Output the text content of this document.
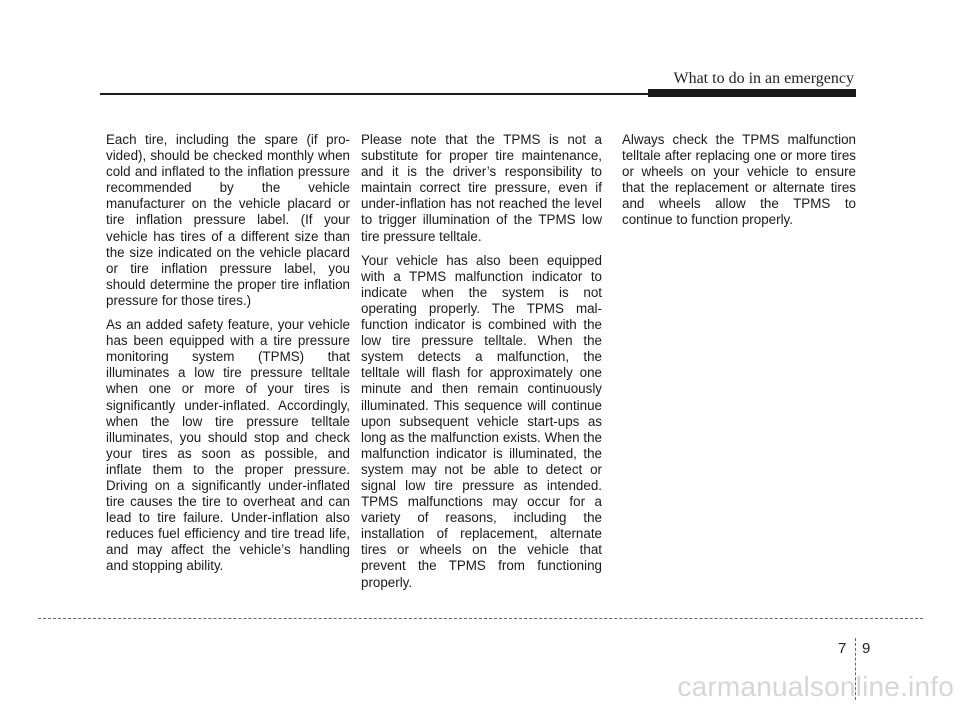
What to do in an emergency

Each tire, including the spare (if provided), should be checked monthly when cold and inflated to the inflation pressure recommended by the vehicle manufacturer on the vehicle placard or tire inflation pressure label. (If your vehicle has tires of a different size than the size indicated on the vehicle placard or tire inflation pressure label, you should determine the proper tire inflation pressure for those tires.)

As an added safety feature, your vehicle has been equipped with a tire pressure monitoring system (TPMS) that illuminates a low tire pressure telltale when one or more of your tires is significantly under-inflated. Accordingly, when the low tire pressure telltale illuminates, you should stop and check your tires as soon as possible, and inflate them to the proper pressure. Driving on a significantly under-inflated tire causes the tire to overheat and can lead to tire failure. Under-inflation also reduces fuel efficiency and tire tread life, and may affect the vehicle’s handling and stopping ability.

Please note that the TPMS is not a substitute for proper tire maintenance, and it is the driver’s responsibility to maintain correct tire pressure, even if under-inflation has not reached the level to trigger illumination of the TPMS low tire pressure telltale.

Your vehicle has also been equipped with a TPMS malfunction indicator to indicate when the system is not operating properly. The TPMS malfunction indicator is combined with the low tire pressure telltale. When the system detects a malfunction, the telltale will flash for approximately one minute and then remain continuously illuminated. This sequence will continue upon subsequent vehicle start-ups as long as the malfunction exists. When the malfunction indicator is illuminated, the system may not be able to detect or signal low tire pressure as intended. TPMS malfunctions may occur for a variety of reasons, including the installation of replacement, alternate tires or wheels on the vehicle that prevent the TPMS from functioning properly.

Always check the TPMS malfunction telltale after replacing one or more tires or wheels on your vehicle to ensure that the replacement or alternate tires and wheels allow the TPMS to continue to function properly.

7 9
carmanualsonline.info
